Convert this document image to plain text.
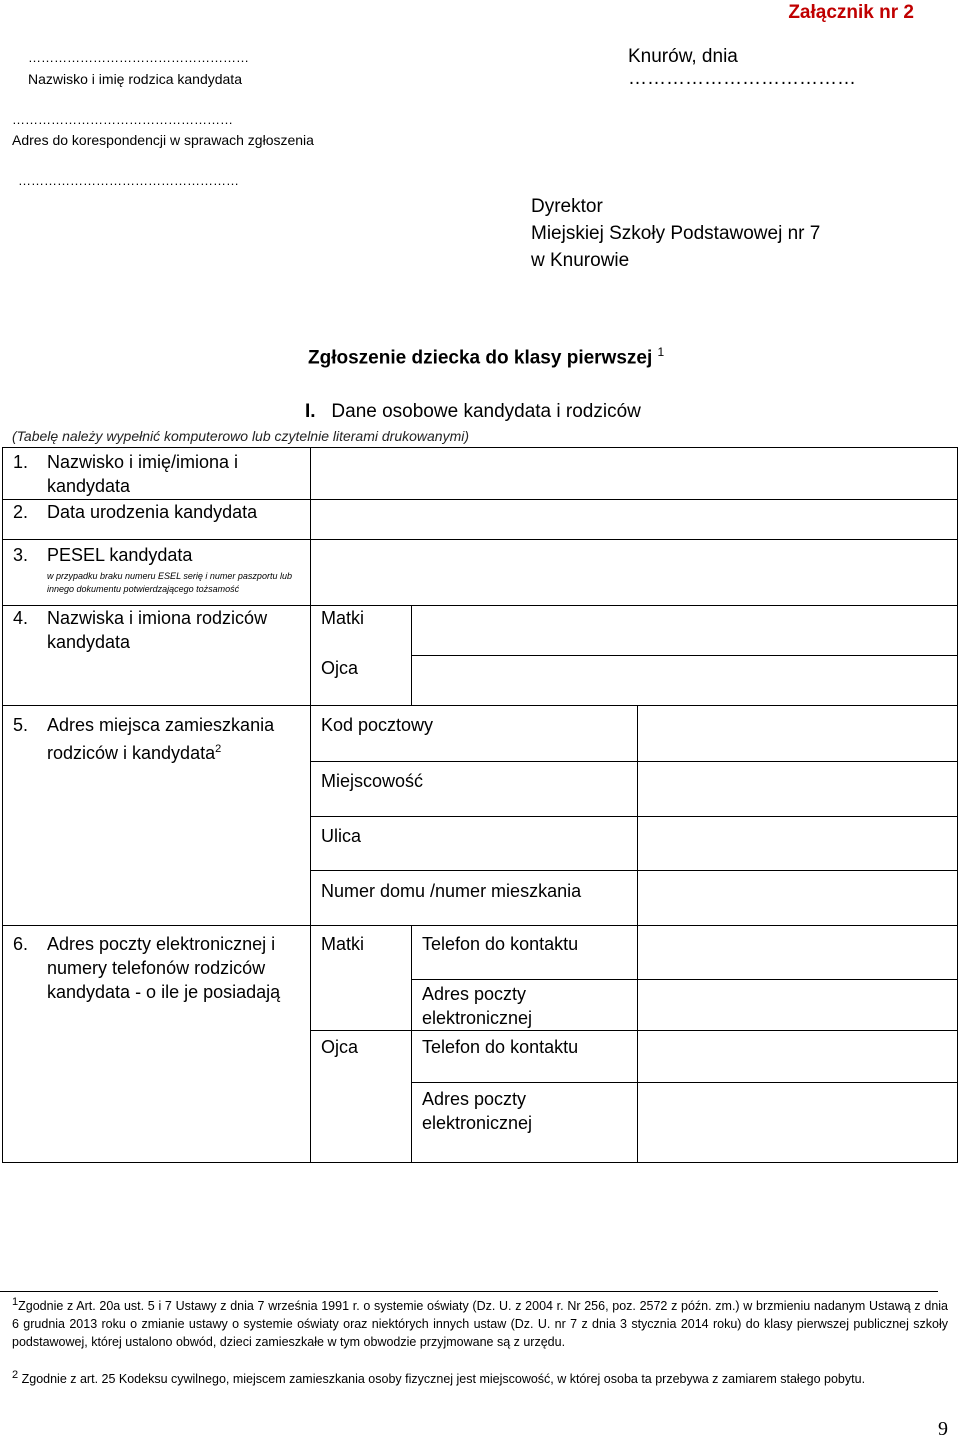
Załącznik nr 2
……………………………………………
Nazwisko i imię rodzica kandydata
Knurów, dnia ………………………………
……………………………………………
Adres do korespondencji w sprawach zgłoszenia
……………………………………………
Dyrektor
Miejskiej Szkoły Podstawowej nr 7
w Knurowie
Zgłoszenie dziecka do klasy pierwszej $^1$
I. Dane osobowe kandydata i rodziców
(Tabelę należy wypełnić komputerowo lub czytelnie literami drukowanymi)
1. Nazwisko i imię/imiona i kandydata			

2. Data urodzenia kandydata			

3. PESEL kandydata
w przypadku braku numeru ESEL serię i numer paszportu lub innego dokumentu potwierdzającego tożsamość			

4. Nazwiska i imiona rodziców kandydata	Matki		

	Ojca		

5. Adres miejsca zamieszkania rodziców i kandydata$^2$	Kod pocztowy		

	Miejscowość		

	Ulica		

	Numer domu /numer mieszkania		

6. Adres poczty elektronicznej i numery telefonów rodziców kandydata - o ile je posiadają	Matki	Telefon do kontaktu	

		Adres poczty elektronicznej	

	Ojca	Telefon do kontaktu	

		Adres poczty elektronicznej	

$^1$Zgodnie z Art. 20a ust. 5 i 7 Ustawy z dnia 7 września 1991 r. o systemie oświaty (Dz. U. z 2004 r. Nr 256, poz. 2572 z późn. zm.) w brzmieniu nadanym Ustawą z dnia 6 grudnia 2013 roku o zmianie ustawy o systemie oświaty oraz niektórych innych ustaw (Dz. U. nr 7 z dnia 3 stycznia 2014 roku) do klasy pierwszej publicznej szkoły podstawowej, której ustalono obwód, dzieci zamieszkałe w tym obwodzie przyjmowane są z urzędu.
$^2$ Zgodnie z art. 25 Kodeksu cywilnego, miejscem zamieszkania osoby fizycznej jest miejscowość, w której osoba ta przebywa z zamiarem stałego pobytu.
9
